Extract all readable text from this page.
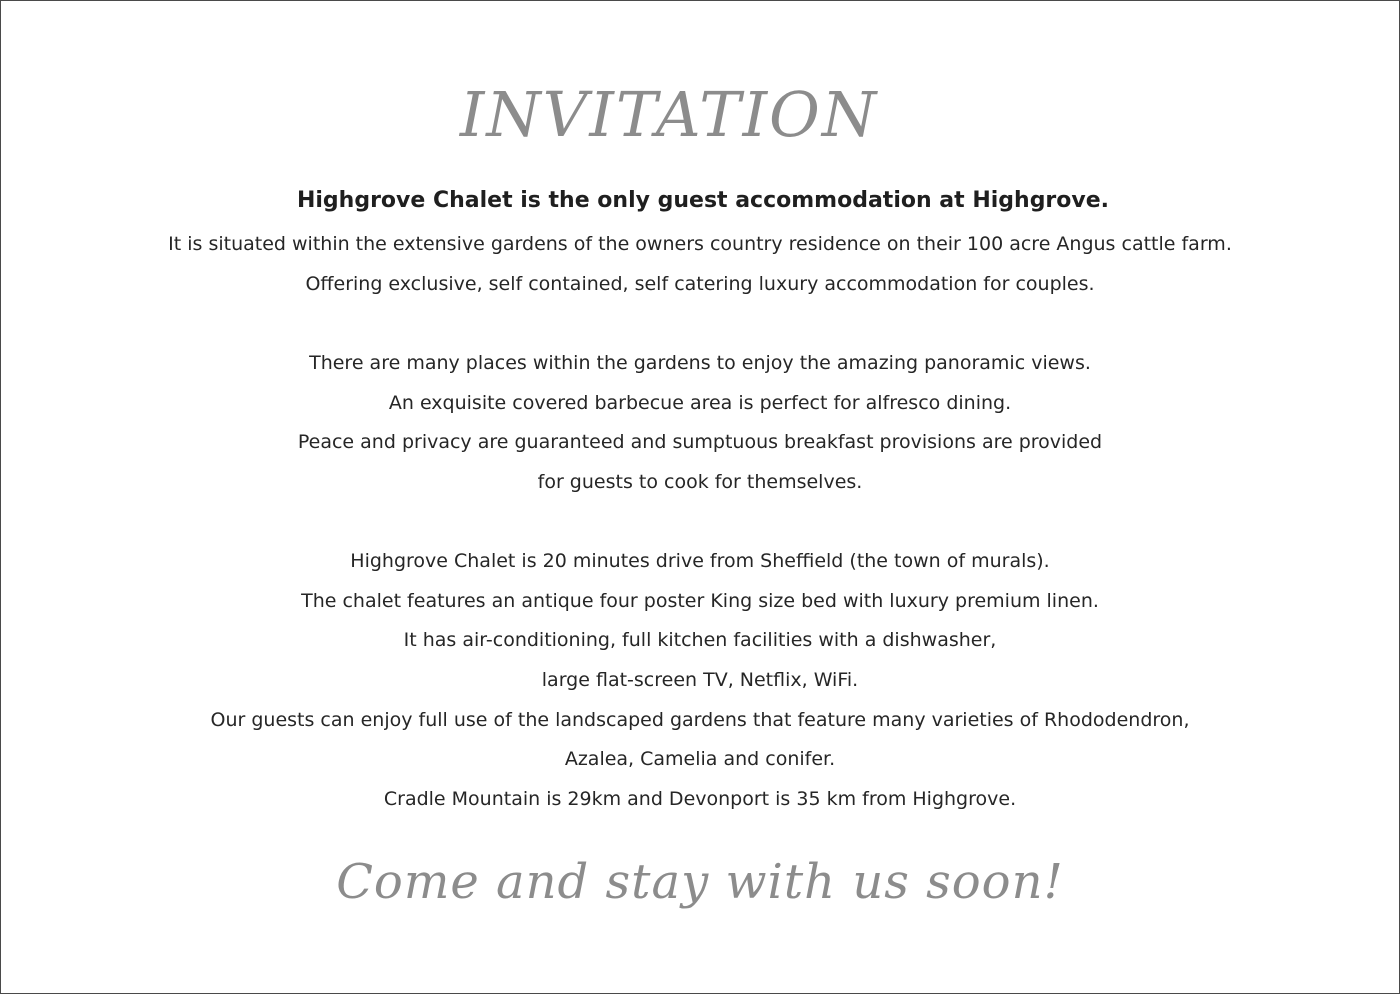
INVITATION
Highgrove Chalet is the only guest accommodation at Highgrove.
It is situated within the extensive gardens of the owners country residence on their 100 acre Angus cattle farm.
Offering exclusive, self contained, self catering luxury accommodation for couples.
There are many places within the gardens to enjoy the amazing panoramic views.
An exquisite covered barbecue area is perfect for alfresco dining.
Peace and privacy are guaranteed and sumptuous breakfast provisions are provided
for guests to cook for themselves.
Highgrove Chalet is 20 minutes drive from Sheffield (the town of murals).
The chalet features an antique four poster King size bed with luxury premium linen.
It has air-conditioning, full kitchen facilities with a dishwasher,
large flat-screen TV, Netflix, WiFi.
Our guests can enjoy full use of the landscaped gardens that feature many varieties of Rhododendron,
Azalea, Camelia and conifer.
Cradle Mountain is 29km and Devonport is 35 km from Highgrove.
Come and stay with us soon!
